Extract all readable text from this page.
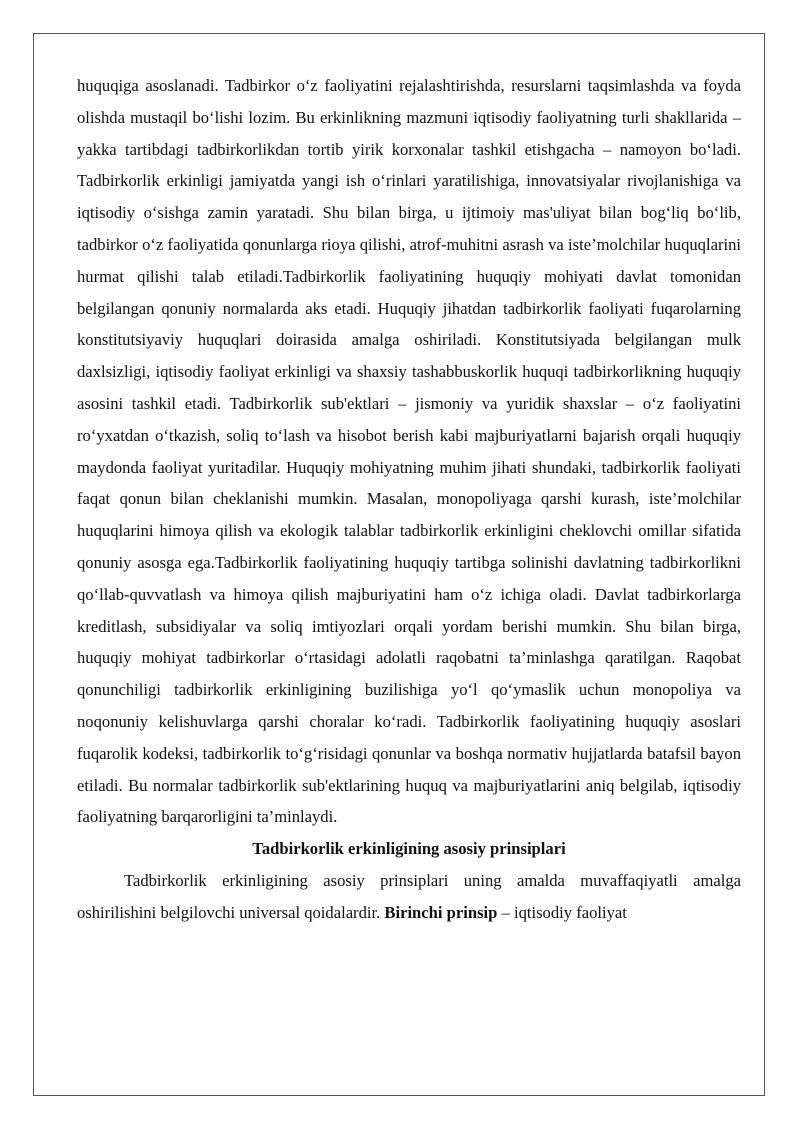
huquqiga asoslanadi. Tadbirkor o‘z faoliyatini rejalashtirishda, resurslarni taqsimlashda va foyda olishda mustaqil bo‘lishi lozim. Bu erkinlikning mazmuni iqtisodiy faoliyatning turli shakllarida – yakka tartibdagi tadbirkorlikdan tortib yirik korxonalar tashkil etishgacha – namoyon bo‘ladi. Tadbirkorlik erkinligi jamiyatda yangi ish o‘rinlari yaratilishiga, innovatsiyalar rivojlanishiga va iqtisodiy o‘sishga zamin yaratadi. Shu bilan birga, u ijtimoiy mas'uliyat bilan bog‘liq bo‘lib, tadbirkor o‘z faoliyatida qonunlarga rioya qilishi, atrof-muhitni asrash va iste’molchilar huquqlarini hurmat qilishi talab etiladi.Tadbirkorlik faoliyatining huquqiy mohiyati davlat tomonidan belgilangan qonuniy normalarda aks etadi. Huquqiy jihatdan tadbirkorlik faoliyati fuqarolarning konstitutsiyaviy huquqlari doirasida amalga oshiriladi. Konstitutsiyada belgilangan mulk daxlsizligi, iqtisodiy faoliyat erkinligi va shaxsiy tashabbuskorlik huquqi tadbirkorlikning huquqiy asosini tashkil etadi. Tadbirkorlik sub'ektlari – jismoniy va yuridik shaxslar – o‘z faoliyatini ro‘yxatdan o‘tkazish, soliq to‘lash va hisobot berish kabi majburiyatlarni bajarish orqali huquqiy maydonda faoliyat yuritadilar. Huquqiy mohiyatning muhim jihati shundaki, tadbirkorlik faoliyati faqat qonun bilan cheklanishi mumkin. Masalan, monopoliyaga qarshi kurash, iste’molchilar huquqlarini himoya qilish va ekologik talablar tadbirkorlik erkinligini cheklovchi omillar sifatida qonuniy asosga ega.Tadbirkorlik faoliyatining huquqiy tartibga solinishi davlatning tadbirkorlikni qo‘llab-quvvatlash va himoya qilish majburiyatini ham o‘z ichiga oladi. Davlat tadbirkorlarga kreditlash, subsidiyalar va soliq imtiyozlari orqali yordam berishi mumkin. Shu bilan birga, huquqiy mohiyat tadbirkorlar o‘rtasidagi adolatli raqobatni ta’minlashga qaratilgan. Raqobat qonunchiligi tadbirkorlik erkinligining buzilishiga yo‘l qo‘ymaslik uchun monopoliya va noqonuniy kelishuvlarga qarshi choralar ko‘radi. Tadbirkorlik faoliyatining huquqiy asoslari fuqarolik kodeksi, tadbirkorlik to‘g‘risidagi qonunlar va boshqa normativ hujjatlarda batafsil bayon etiladi. Bu normalar tadbirkorlik sub'ektlarining huquq va majburiyatlarini aniq belgilab, iqtisodiy faoliyatning barqarorligini ta’minlaydi.

Tadbirkorlik erkinligining asosiy prinsiplari

Tadbirkorlik erkinligining asosiy prinsiplari uning amalda muvaffaqiyatli amalga oshirilishini belgilovchi universal qoidalardir. Birinchi prinsip – iqtisodiy faoliyat
